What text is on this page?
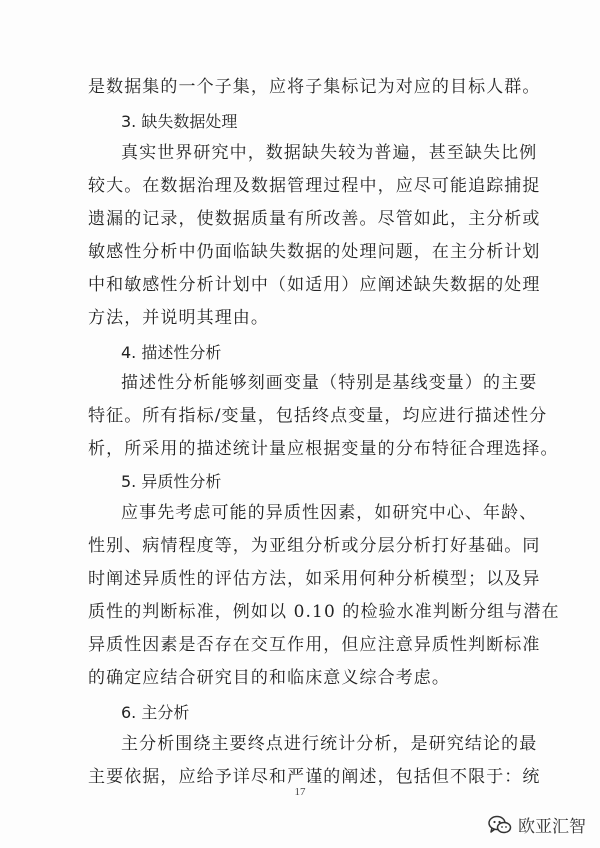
是数据集的一个子集，应将子集标记为对应的目标人群。
3. 缺失数据处理
真实世界研究中，数据缺失较为普遍，甚至缺失比例
较大。在数据治理及数据管理过程中，应尽可能追踪捕捉
遗漏的记录，使数据质量有所改善。尽管如此，主分析或
敏感性分析中仍面临缺失数据的处理问题，在主分析计划
中和敏感性分析计划中（如适用）应阐述缺失数据的处理
方法，并说明其理由。
4. 描述性分析
描述性分析能够刻画变量（特别是基线变量）的主要
特征。所有指标/变量，包括终点变量，均应进行描述性分
析，所采用的描述统计量应根据变量的分布特征合理选择。
5. 异质性分析
应事先考虑可能的异质性因素，如研究中心、年龄、
性别、病情程度等，为亚组分析或分层分析打好基础。同
时阐述异质性的评估方法，如采用何种分析模型；以及异
质性的判断标准，例如以 0.10 的检验水准判断分组与潜在
异质性因素是否存在交互作用，但应注意异质性判断标准
的确定应结合研究目的和临床意义综合考虑。
6. 主分析
主分析围绕主要终点进行统计分析，是研究结论的最
主要依据，应给予详尽和严谨的阐述，包括但不限于：统
17
欧亚汇智
